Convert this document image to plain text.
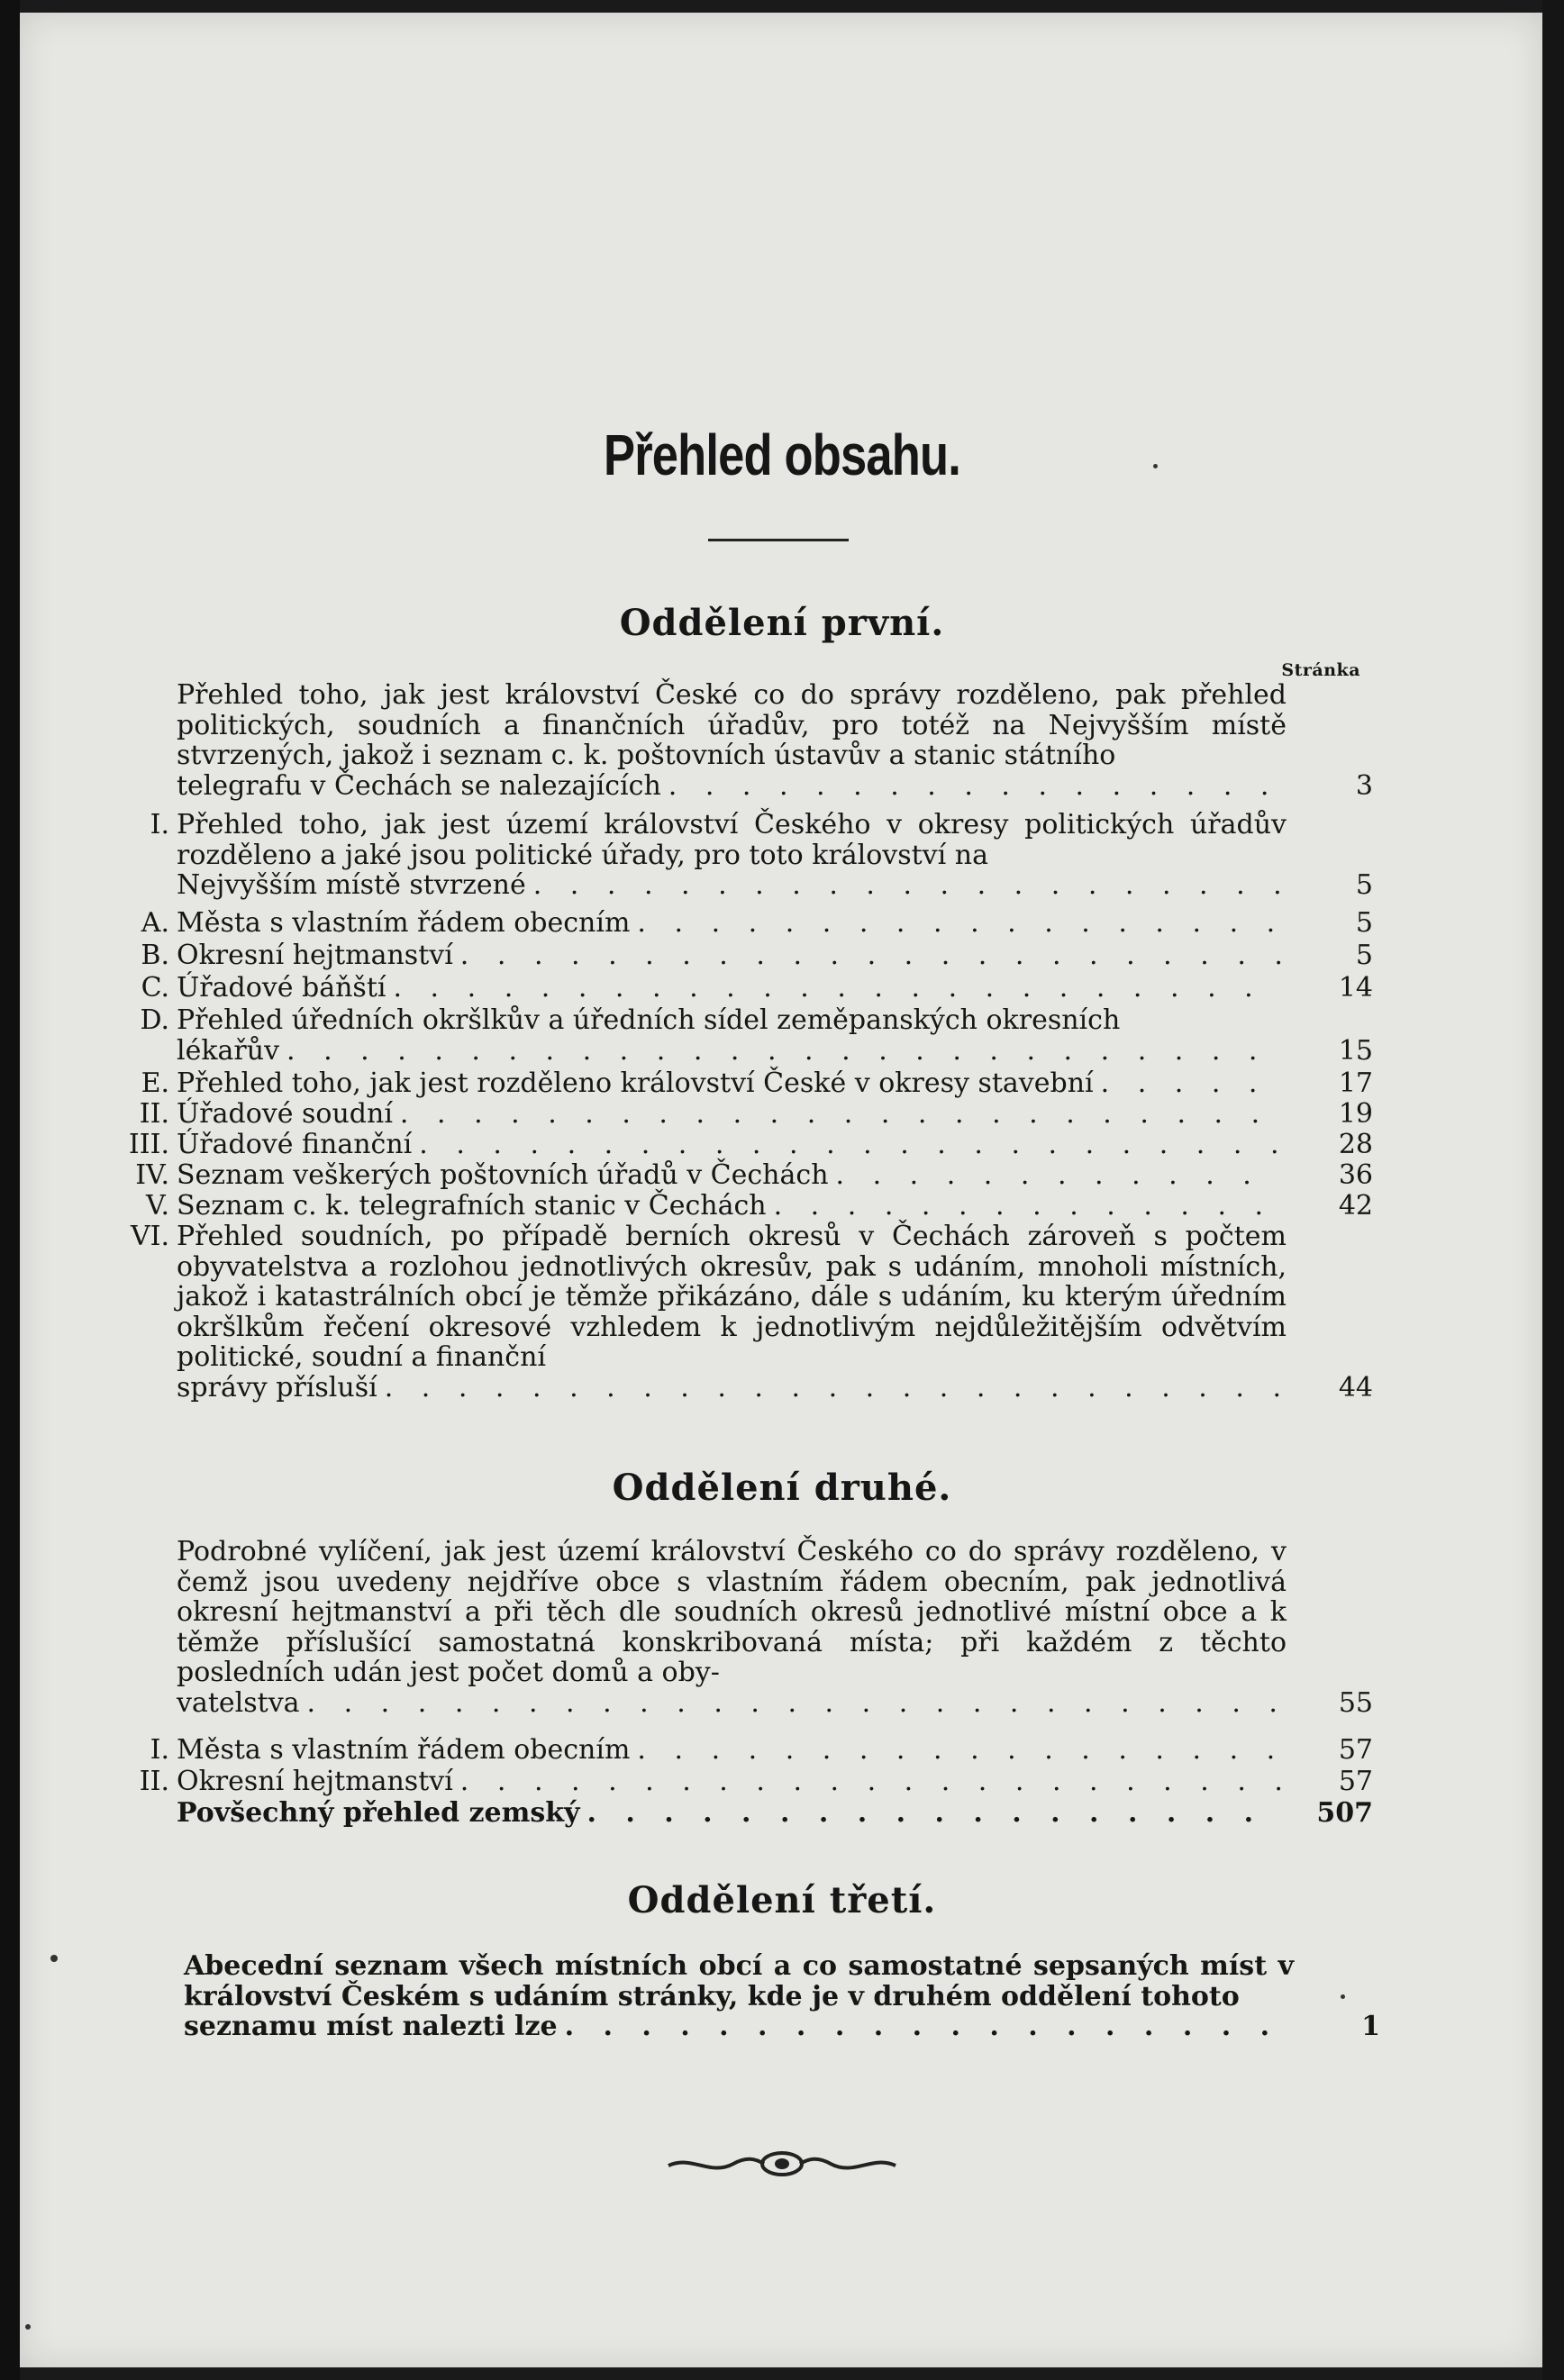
Přehled obsahu.
Oddělení první.
Stránka
Přehled toho, jak jest království České co do správy rozděleno, pak přehled politických, soudních a finančních úřadův, pro totéž na Nejvyšším místě stvrzených, jakož i seznam c. k. poštovních ústavův a stanic státního
telegrafu v Čechách se nalezajících . . .	3
I. Přehled toho, jak jest území království Českého v okresy politických úřadův rozděleno a jaké jsou politické úřady, pro toto království na
Nejvyšším místě stvrzené . . .	5
A. Města s vlastním řádem obecním . . .	5
B. Okresní hejtmanství . . .	5
C. Úřadové báňští . . .	14
D. Přehled úředních okršlkův a úředních sídel zeměpanských okresních
lékařův . . .	15
E. Přehled toho, jak jest rozděleno království České v okresy stavební . . .	17
II. Úřadové soudní . . .	19
III. Úřadové finanční . . .	28
IV. Seznam veškerých poštovních úřadů v Čechách . . .	36
V. Seznam c. k. telegrafních stanic v Čechách . . .	42
VI. Přehled soudních, po případě berních okresů v Čechách zároveň s počtem obyvatelstva a rozlohou jednotlivých okresův, pak s udáním, mnoholi místních, jakož i katastrálních obcí je těmže přikázáno, dále s udáním, ku kterým úředním okršlkům řečení okresové vzhledem k jednotlivým nejdůležitějším odvětvím politické, soudní a finanční
správy přísluší . . .	44
Oddělení druhé.
Podrobné vylíčení, jak jest území království Českého co do správy rozděleno, v čemž jsou uvedeny nejdříve obce s vlastním řádem obecním, pak jednotlivá okresní hejtmanství a při těch dle soudních okresů jednotlivé místní obce a k těmže příslušící samostatná konskribovaná místa; při každém z těchto posledních udán jest počet domů a oby-
vatelstva . . .	55
I. Města s vlastním řádem obecním . . .	57
II. Okresní hejtmanství . . .	57
Povšechný přehled zemský . . .	507
Oddělení třetí.
Abecední seznam všech místních obcí a co samostatné sepsaných míst v království Českém s udáním stránky, kde je v druhém oddělení tohoto
seznamu míst nalezti lze . . .	1
